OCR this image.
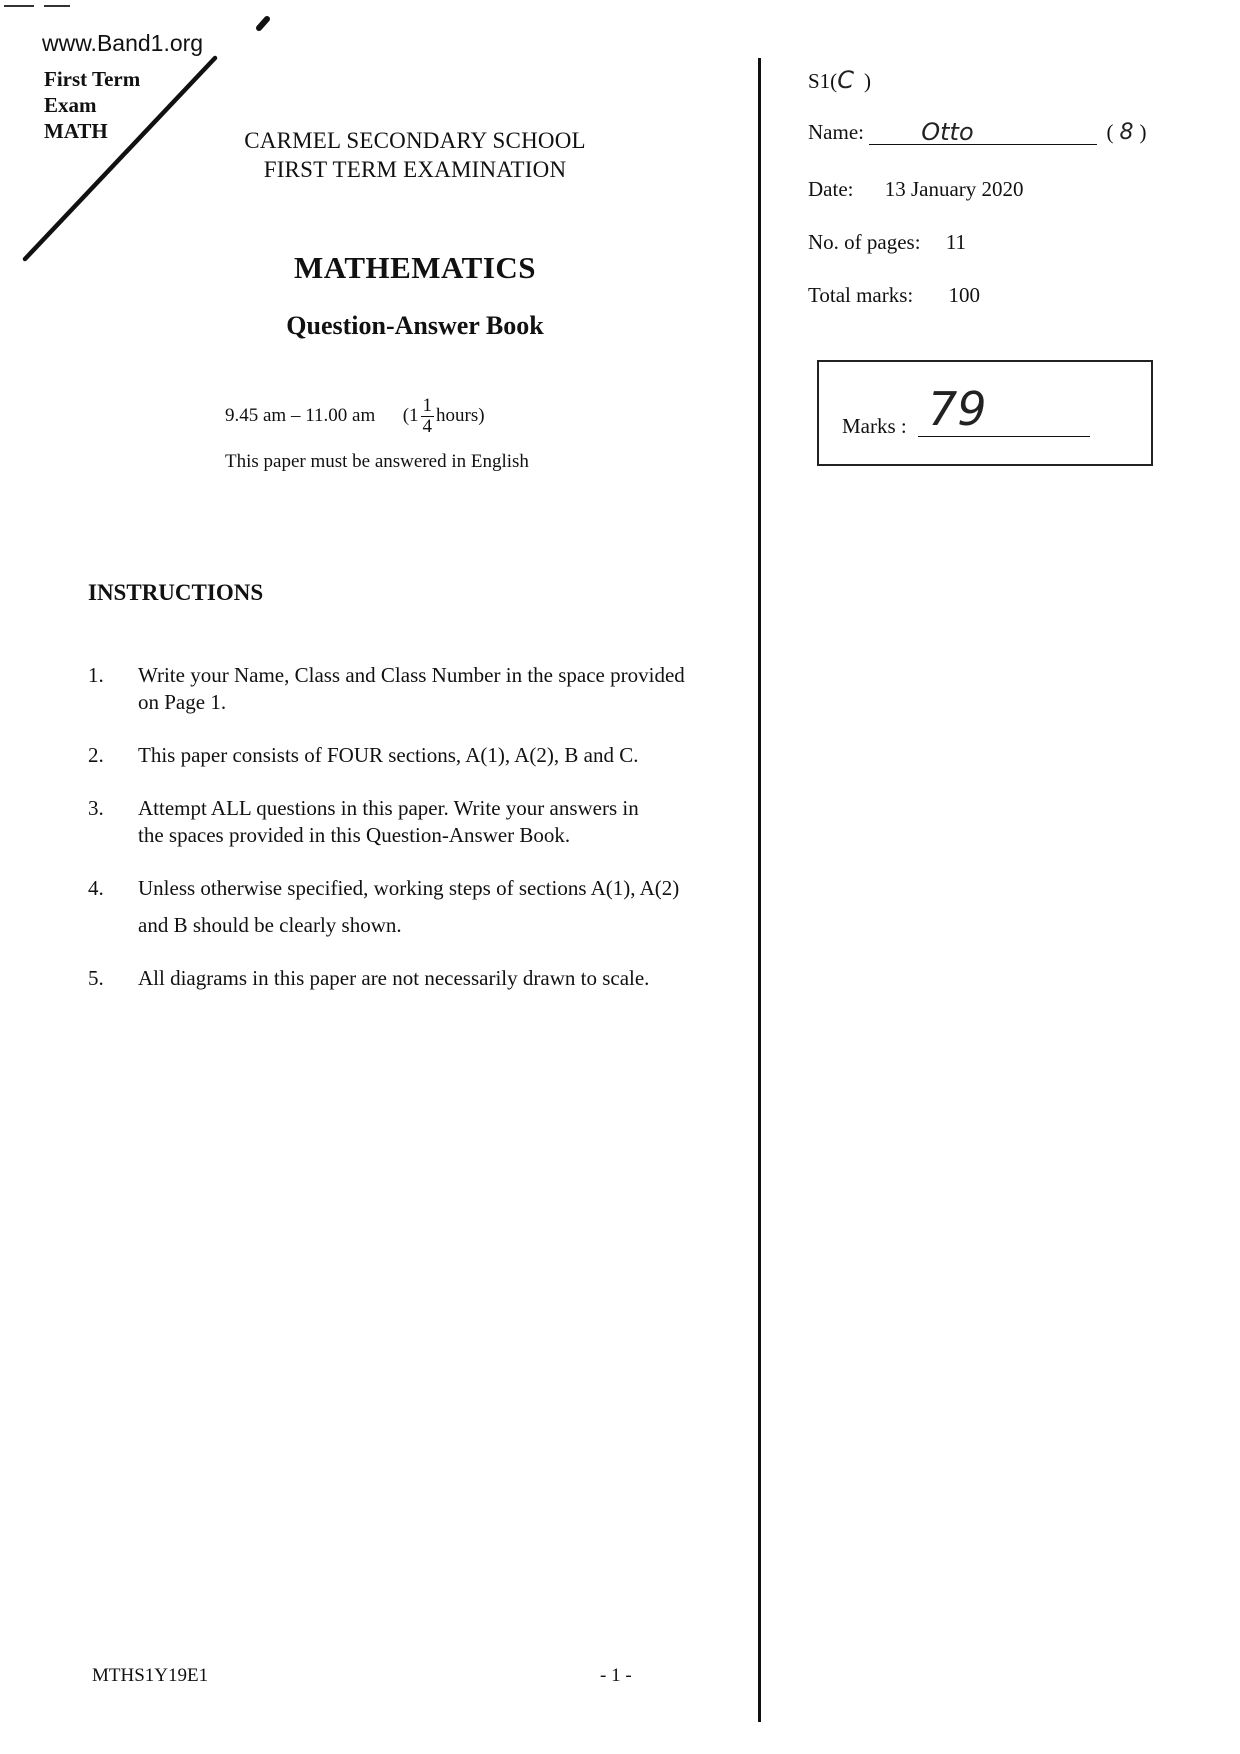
www.Band1.org
First Term
Exam
MATH	CARMEL SECONDARY SCHOOL
FIRST TERM EXAMINATION
MATHEMATICS
Question-Answer Book
9.45 am – 11.00 am ($1 \frac{1}{4}$ hours)
This paper must be answered in English
INSTRUCTIONS
1. Write your Name, Class and Class Number in the space provided
on Page 1.
2. This paper consists of FOUR sections, A(1), A(2), B and C.
3. Attempt ALL questions in this paper. Write your answers in
the spaces provided in this Question-Answer Book.
4. Unless otherwise specified, working steps of sections A(1), A(2)
and B should be clearly shown.
5. All diagrams in this paper are not necessarily drawn to scale.
MTHS1Y19E1	- 1 -
S1(C )
Name: Otto	( 8 )
Date: 13 January 2020
No. of pages: 11
Total marks: 100
Marks : 79
